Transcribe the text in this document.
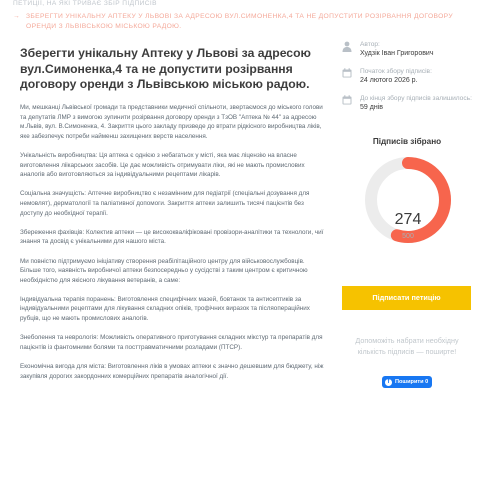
ПЕТИЦІЇ, НА ЯКІ ТРИВАЄ ЗБІР ПІДПИСІВ
→ ЗБЕРЕГТИ УНІКАЛЬНУ АПТЕКУ У ЛЬВОВІ ЗА АДРЕСОЮ ВУЛ.СИМОНЕНКА,4 ТА НЕ ДОПУСТИТИ РОЗІРВАННЯ ДОГОВОРУ ОРЕНДИ З ЛЬВІВСЬКОЮ МІСЬКОЮ РАДОЮ.
Зберегти унікальну Аптеку у Львові за адресою вул.Симоненка,4 та не допустити розірвання договору оренди з Львівською міською радою.

Ми, мешканці Львівської громади та представники медичної спільноти, звертаємося до міського голови та депутатів ЛМР з вимогою зупинити розірвання договору оренди з ТзОВ "Аптека № 44" за адресою м.Львів, вул. В.Симоненка, 4. Закриття цього закладу призведе до втрати рідкісного виробництва ліків, яке забезпечує потреби найменш захищених верств населення.

Унікальність виробництва: Ця аптека є однією з небагатьох у місті, яка має ліцензію на власне виготовлення ліікарських засобів. Це дає можливість отримувати ліки, які не мають промислових аналогів або виготовляються за індивідуальними рецептами лікарів.

Соціальна значущість: Аптечне виробництво є незамінним для педіатрії (спеціальні дозування для немовлят), дерматології та паліативної допомоги. Закриття аптеки залишить тисячі пацієнтів без доступу до необхідної терапії.

Збереження фахівців: Колектив аптеки — це висококваліфіковані провізори-аналітики та технологи, чиї знання та досвід є унікальними для нашого міста.

Ми повністю підтримуємо ініціативу створення реабілітаційного центру для військовослужбовців. Більше того, наявність виробничої аптеки безпосередньо у сусідстві з таким центром є критичною необхідністю для якісного лікування ветеранів, а саме:

Індивідуальна терапія поранень: Виготовлення специфічних мазей, бовтанок та антисептиків за індивідуальними рецептами для лікування складних опіків, трофічних виразок та післяопераційних рубців, що не мають промислових аналогів.

Знеболення та неврологія: Можливість оперативного приготування складних мікстур та препаратів для пацієнтів із фантомними болями та посттравматичними розладами (ПТСР).

Економічна вигода для міста: Виготовлення ліків в умовах аптеки є значно дешевшим для бюджету, ніж закупівля дорогих закордонних комерційних препаратів аналогічної дії.

Автор:
Худзік Іван Григорович
Початок збору підписів:
24 лютого 2026 р.
До кінця збору підписів залишилось:
59 днів
Підписів зібрано
274
500
Підписати петицію
Допоможіть набрати необхідну кількість підписів — поширте!
f Поширити 0
